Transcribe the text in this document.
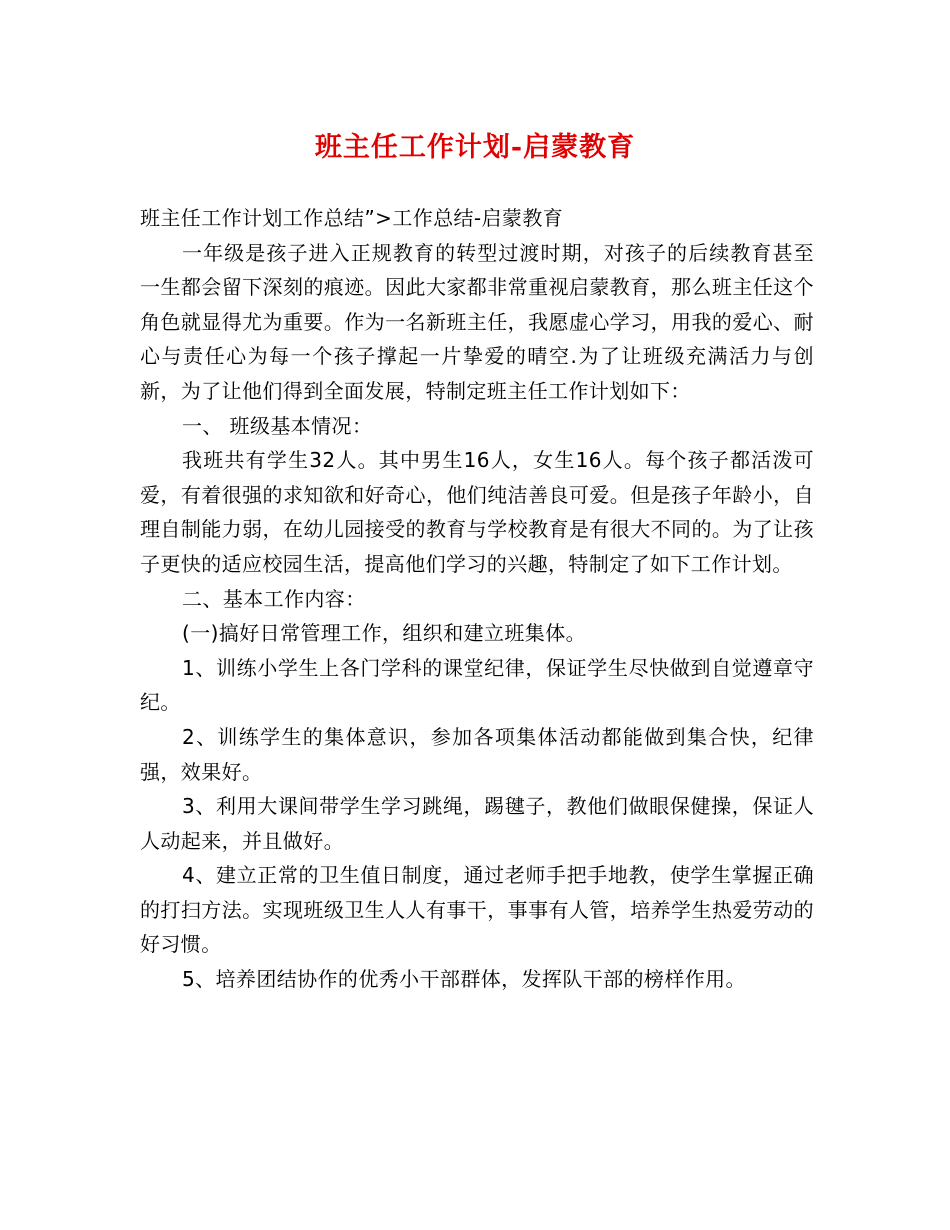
班主任工作计划-启蒙教育

班主任工作计划工作总结”>工作总结-启蒙教育

一年级是孩子进入正规教育的转型过渡时期，对孩子的后续教育甚至一生都会留下深刻的痕迹。因此大家都非常重视启蒙教育，那么班主任这个角色就显得尤为重要。作为一名新班主任，我愿虚心学习，用我的爱心、耐心与责任心为每一个孩子撑起一片挚爱的晴空.为了让班级充满活力与创新，为了让他们得到全面发展，特制定班主任工作计划如下：

一、 班级基本情况：

我班共有学生32人。其中男生16人，女生16人。每个孩子都活泼可爱，有着很强的求知欲和好奇心，他们纯洁善良可爱。但是孩子年龄小，自理自制能力弱，在幼儿园接受的教育与学校教育是有很大不同的。为了让孩子更快的适应校园生活，提高他们学习的兴趣，特制定了如下工作计划。

二、基本工作内容：

(一)搞好日常管理工作，组织和建立班集体。

1、训练小学生上各门学科的课堂纪律，保证学生尽快做到自觉遵章守纪。

2、训练学生的集体意识，参加各项集体活动都能做到集合快，纪律强，效果好。

3、利用大课间带学生学习跳绳，踢毽子，教他们做眼保健操，保证人人动起来，并且做好。

4、建立正常的卫生值日制度，通过老师手把手地教，使学生掌握正确的打扫方法。实现班级卫生人人有事干，事事有人管，培养学生热爱劳动的好习惯。

5、培养团结协作的优秀小干部群体，发挥队干部的榜样作用。
